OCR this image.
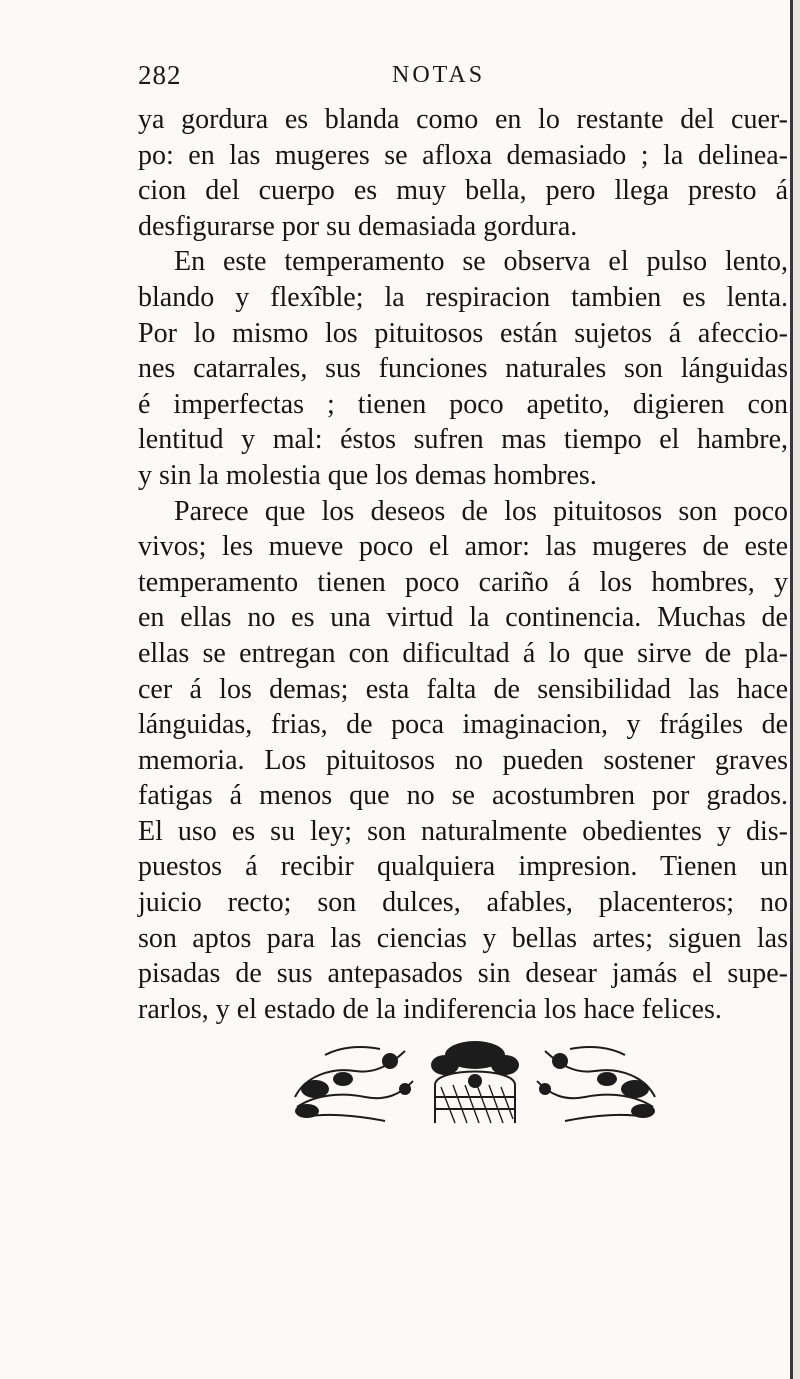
282	NOTAS
ya gordura es blanda como en lo restante del cuer-
po: en las mugeres se afloxa demasiado ; la delinea-
cion del cuerpo es muy bella, pero llega presto á
desfigurarse por su demasiada gordura.
En este temperamento se observa el pulso lento,
blando y flexîble; la respiracion tambien es lenta.
Por lo mismo los pituitosos están sujetos á afeccio-
nes catarrales, sus funciones naturales son lánguidas
é imperfectas ; tienen poco apetito, digieren con
lentitud y mal: éstos sufren mas tiempo el hambre,
y sin la molestia que los demas hombres.
Parece que los deseos de los pituitosos son poco
vivos; les mueve poco el amor: las mugeres de este
temperamento tienen poco cariño á los hombres, y
en ellas no es una virtud la continencia. Muchas de
ellas se entregan con dificultad á lo que sirve de pla-
cer á los demas; esta falta de sensibilidad las hace
lánguidas, frias, de poca imaginacion, y frágiles de
memoria. Los pituitosos no pueden sostener graves
fatigas á menos que no se acostumbren por grados.
El uso es su ley; son naturalmente obedientes y dis-
puestos á recibir qualquiera impresion. Tienen un
juicio recto; son dulces, afables, placenteros; no
son aptos para las ciencias y bellas artes; siguen las
pisadas de sus antepasados sin desear jamás el supe-
rarlos, y el estado de la indiferencia los hace felices.
